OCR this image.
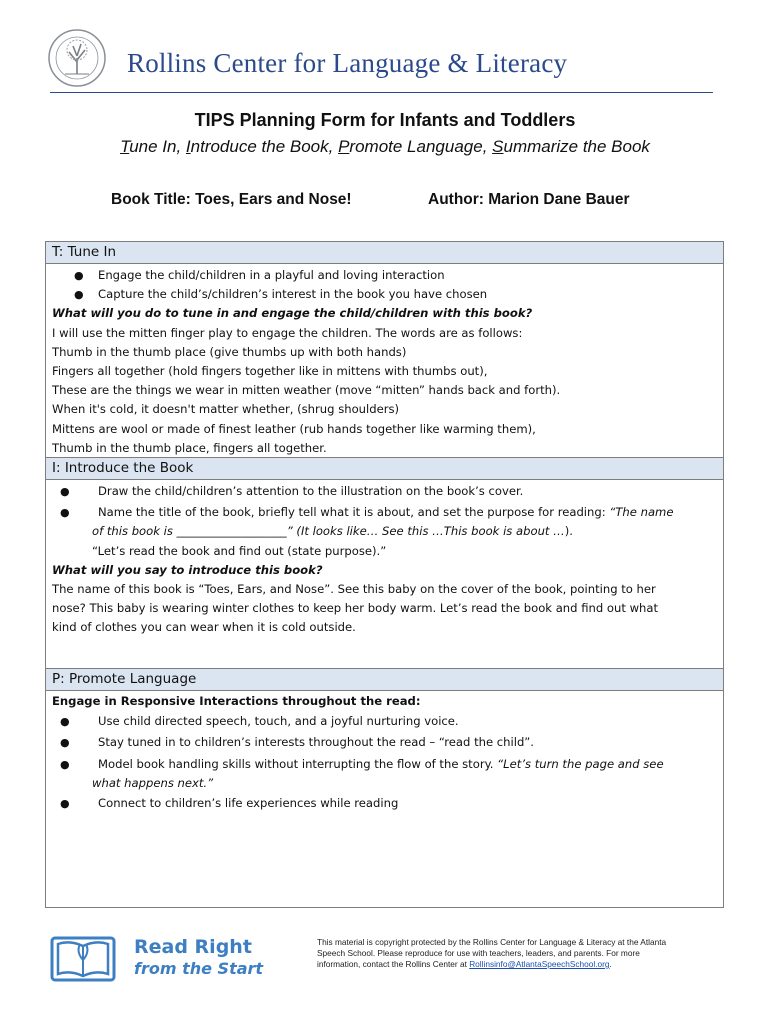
Rollins Center for Language & Literacy
TIPS Planning Form for Infants and Toddlers
Tune In, Introduce the Book, Promote Language, Summarize the Book
Book Title: Toes, Ears and Nose!	Author: Marion Dane Bauer
T: Tune In
● Engage the child/children in a playful and loving interaction
● Capture the child’s/children’s interest in the book you have chosen
What will you do to tune in and engage the child/children with this book?
I will use the mitten finger play to engage the children. The words are as follows:
Thumb in the thumb place (give thumbs up with both hands)
Fingers all together (hold fingers together like in mittens with thumbs out),
These are the things we wear in mitten weather (move “mitten” hands back and forth).
When it's cold, it doesn't matter whether, (shrug shoulders)
Mittens are wool or made of finest leather (rub hands together like warming them),
Thumb in the thumb place, fingers all together.
I: Introduce the Book
● Draw the child/children’s attention to the illustration on the book’s cover.
● Name the title of the book, briefly tell what it is about, and set the purpose for reading: “The name
of this book is ___________________” (It looks like… See this …This book is about …).
“Let’s read the book and find out (state purpose).”
What will you say to introduce this book?
The name of this book is “Toes, Ears, and Nose”. See this baby on the cover of the book, pointing to her
nose? This baby is wearing winter clothes to keep her body warm. Let’s read the book and find out what
kind of clothes you can wear when it is cold outside.
P: Promote Language
Engage in Responsive Interactions throughout the read:
● Use child directed speech, touch, and a joyful nurturing voice.
● Stay tuned in to children’s interests throughout the read – “read the child”.
● Model book handling skills without interrupting the flow of the story. “Let’s turn the page and see
what happens next.”
● Connect to children’s life experiences while reading
Read Right
from the Start
This material is copyright protected by the Rollins Center for Language & Literacy at the Atlanta
Speech School. Please reproduce for use with teachers, leaders, and parents. For more
information, contact the Rollins Center at Rollinsinfo@AtlantaSpeechSchool.org.
